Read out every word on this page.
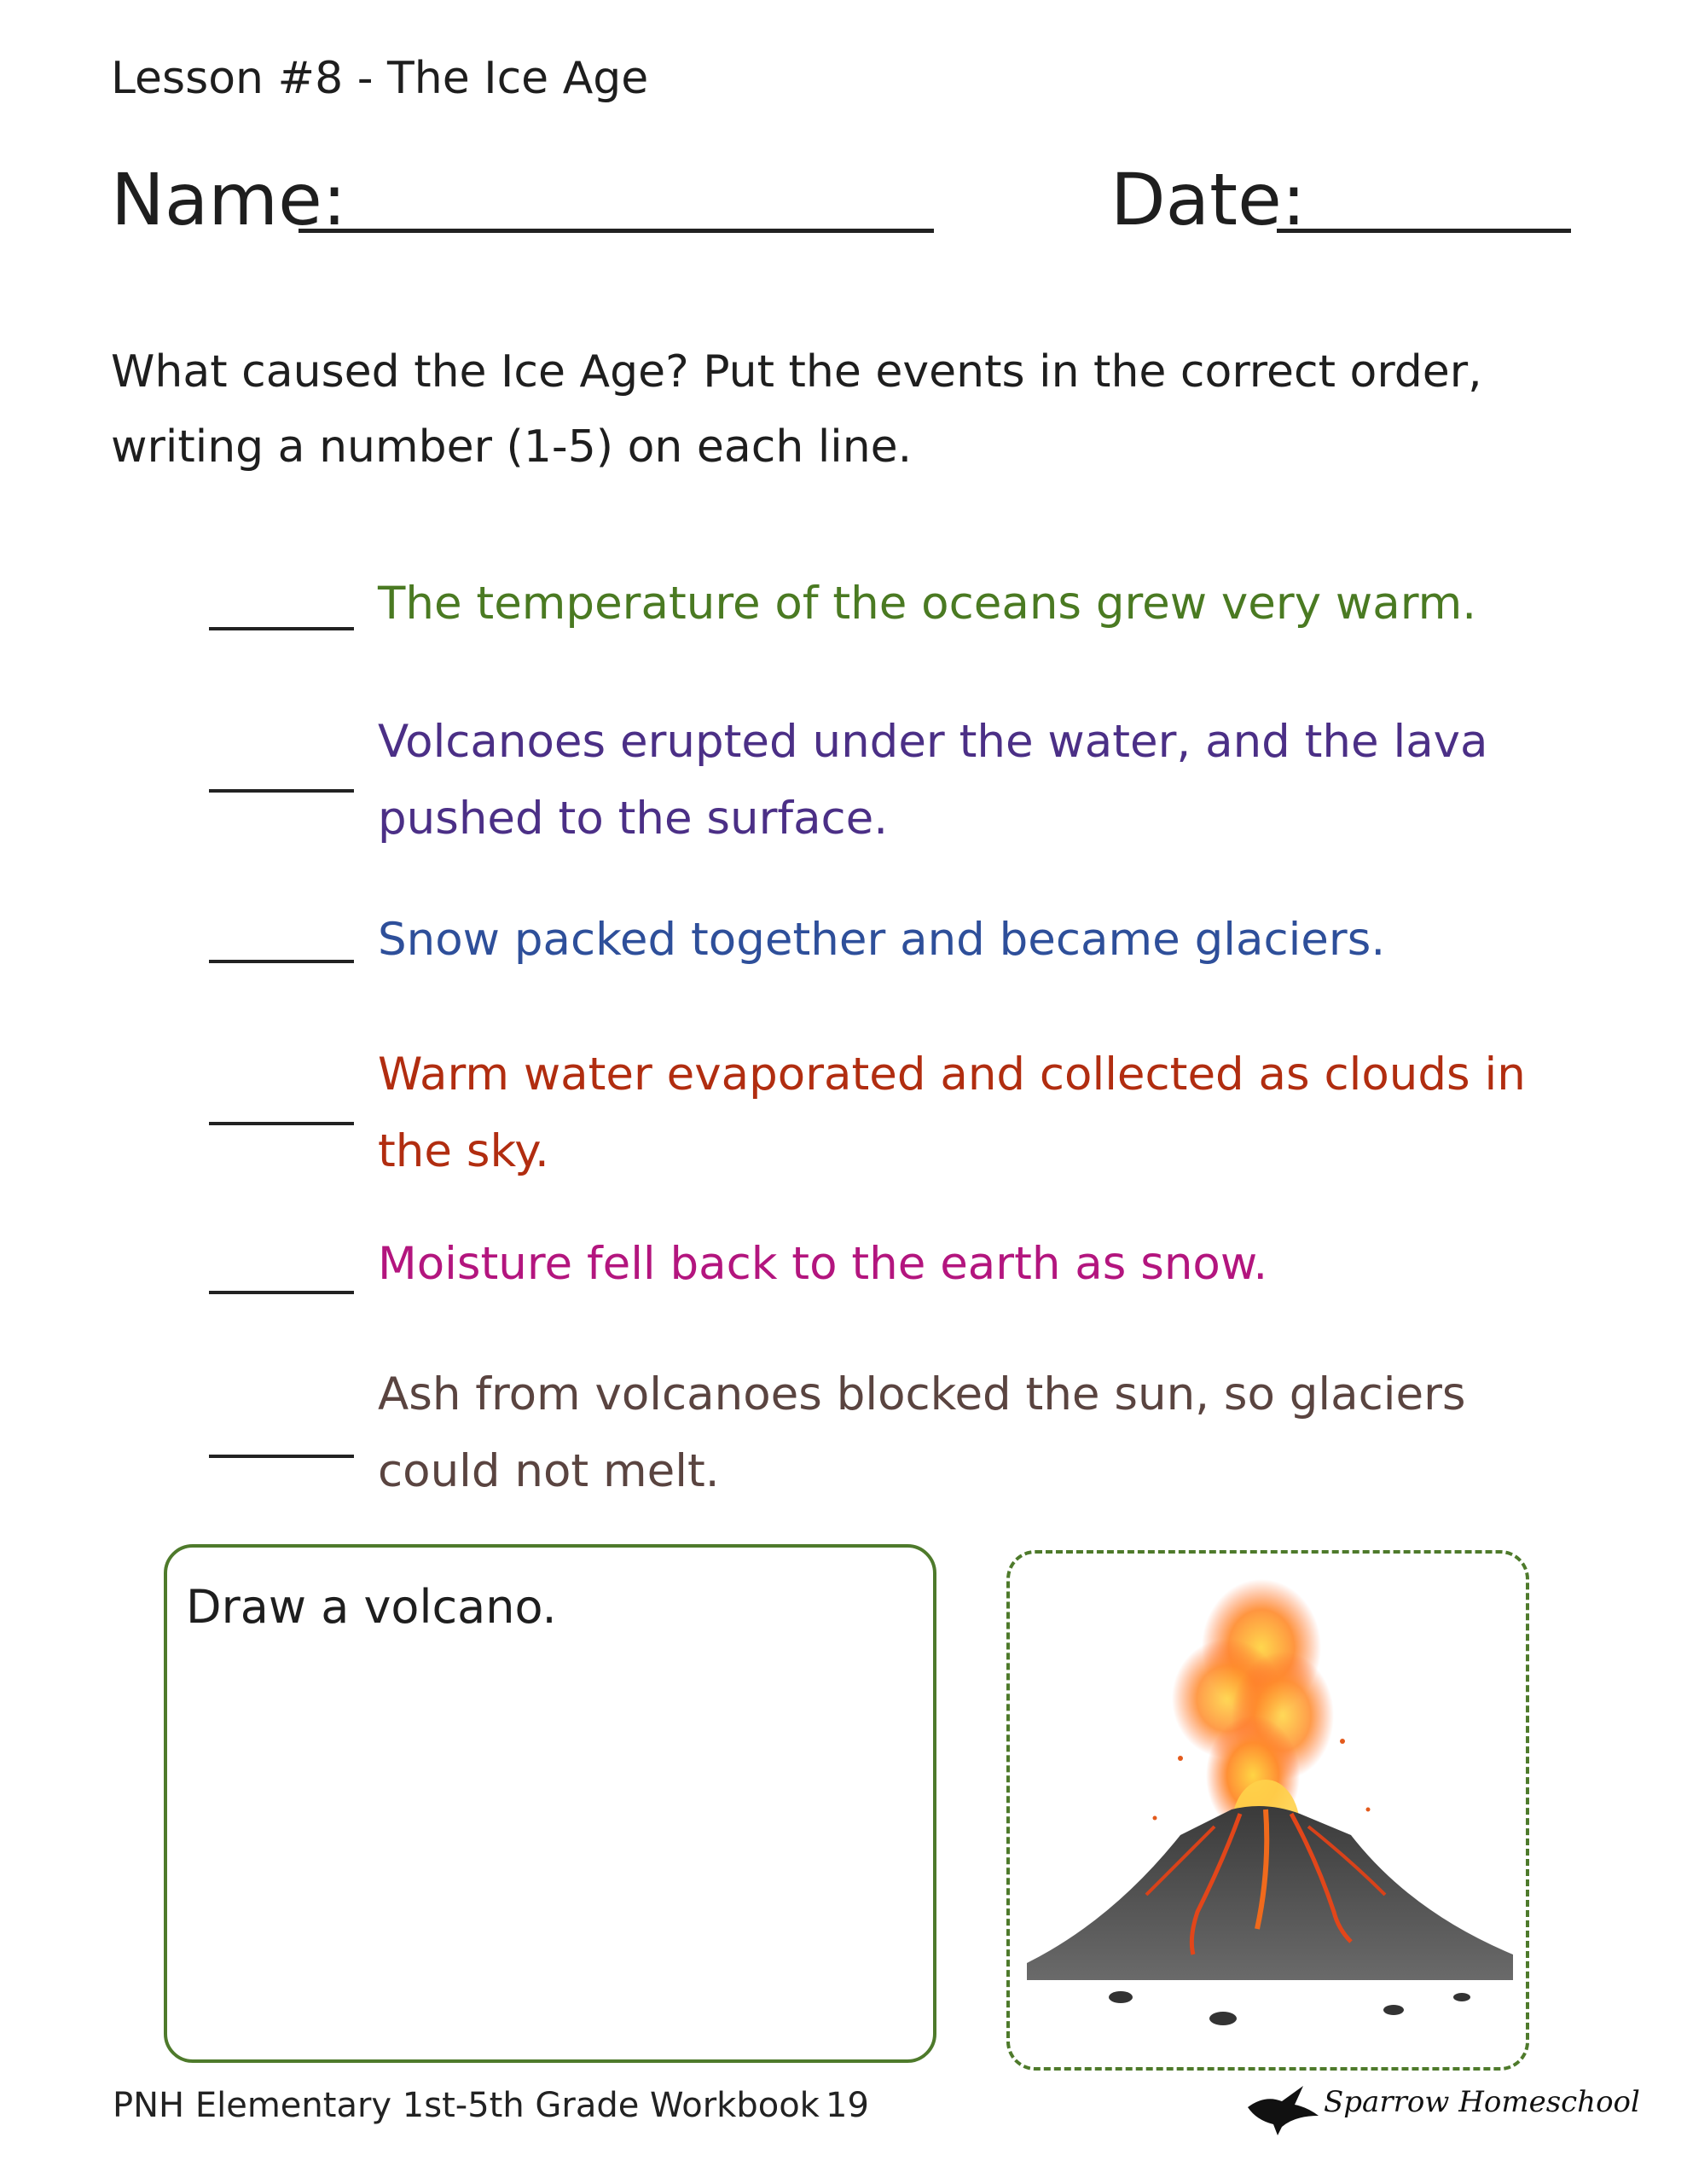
Lesson #8 - The Ice Age
Name:	Date:
What caused the Ice Age? Put the events in the correct order, writing a number (1-5) on each line.
The temperature of the oceans grew very warm.
Volcanoes erupted under the water, and the lava pushed to the surface.
Snow packed together and became glaciers.
Warm water evaporated and collected as clouds in the sky.
Moisture fell back to the earth as snow.
Ash from volcanoes blocked the sun, so glaciers could not melt.
Draw a volcano.
PNH Elementary 1st-5th Grade Workbook 19	Sparrow Homeschool
